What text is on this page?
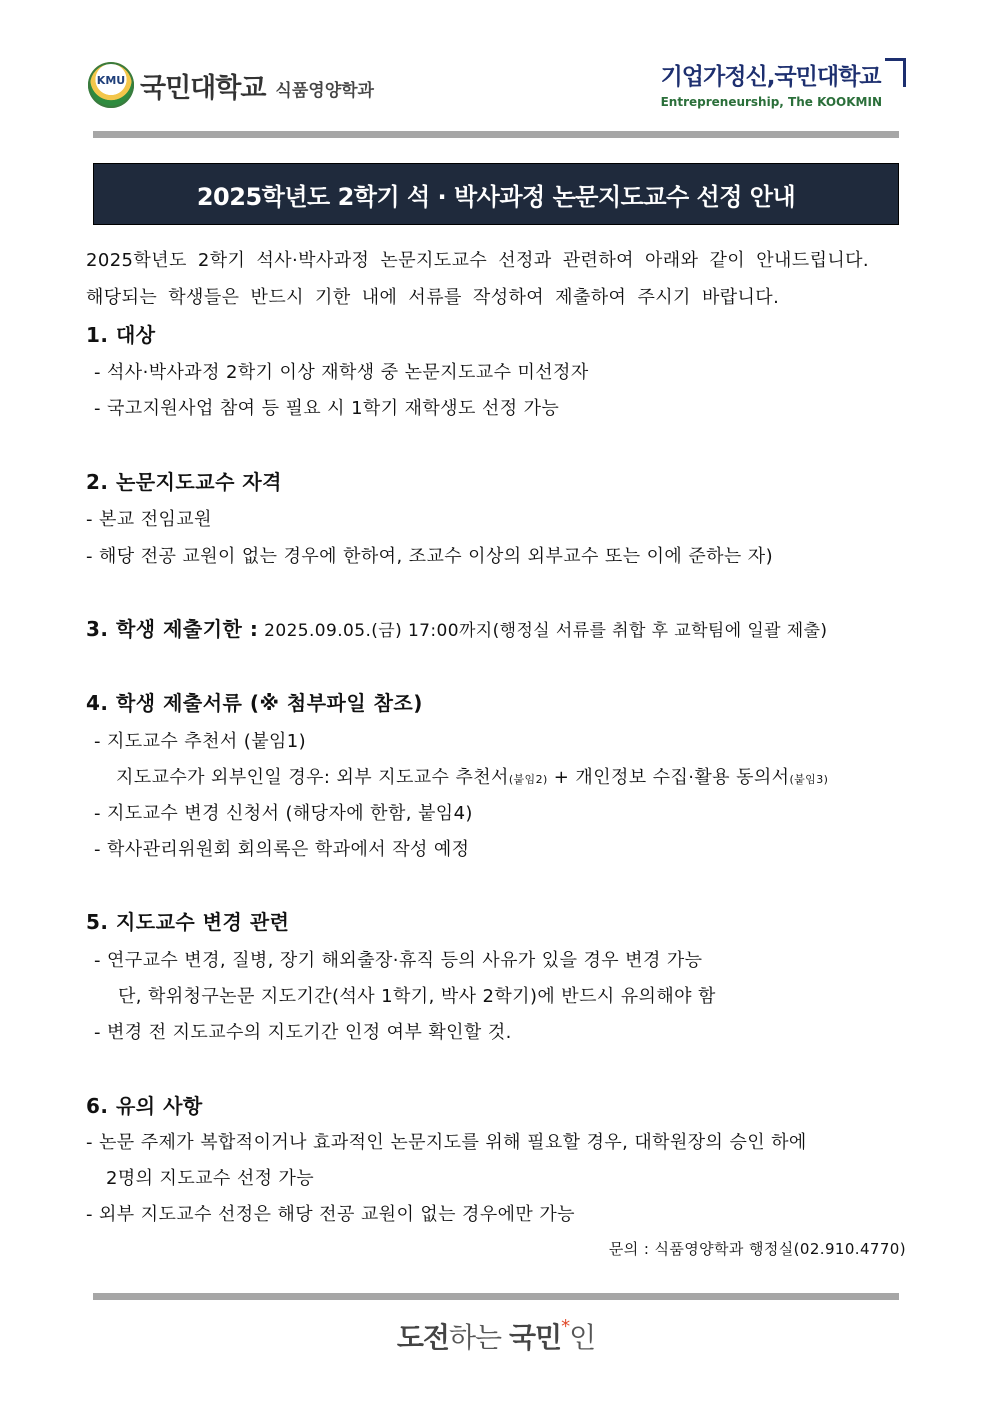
KMU 국민대학교 식품영양학과
기업가정신,국민대학교
Entrepreneurship, The KOOKMIN
2025학년도 2학기 석 · 박사과정 논문지도교수 선정 안내
2025학년도 2학기 석사·박사과정 논문지도교수 선정과 관련하여 아래와 같이 안내드립니다.
해당되는 학생들은 반드시 기한 내에 서류를 작성하여 제출하여 주시기 바랍니다.
1. 대상
- 석사·박사과정 2학기 이상 재학생 중 논문지도교수 미선정자
- 국고지원사업 참여 등 필요 시 1학기 재학생도 선정 가능
2. 논문지도교수 자격
- 본교 전임교원
- 해당 전공 교원이 없는 경우에 한하여, 조교수 이상의 외부교수 또는 이에 준하는 자)
3. 학생 제출기한 : 2025.09.05.(금) 17:00까지(행정실 서류를 취합 후 교학팀에 일괄 제출)
4. 학생 제출서류 (※ 첨부파일 참조)
- 지도교수 추천서 (붙임1)
지도교수가 외부인일 경우: 외부 지도교수 추천서(붙임2) + 개인정보 수집·활용 동의서(붙임3)
- 지도교수 변경 신청서 (해당자에 한함, 붙임4)
- 학사관리위원회 회의록은 학과에서 작성 예정
5. 지도교수 변경 관련
- 연구교수 변경, 질병, 장기 해외출장·휴직 등의 사유가 있을 경우 변경 가능
단, 학위청구논문 지도기간(석사 1학기, 박사 2학기)에 반드시 유의해야 함
- 변경 전 지도교수의 지도기간 인정 여부 확인할 것.
6. 유의 사항
- 논문 주제가 복합적이거나 효과적인 논문지도를 위해 필요할 경우, 대학원장의 승인 하에
2명의 지도교수 선정 가능
- 외부 지도교수 선정은 해당 전공 교원이 없는 경우에만 가능
문의 : 식품영양학과 행정실(02.910.4770)
도전하는 국민*인
